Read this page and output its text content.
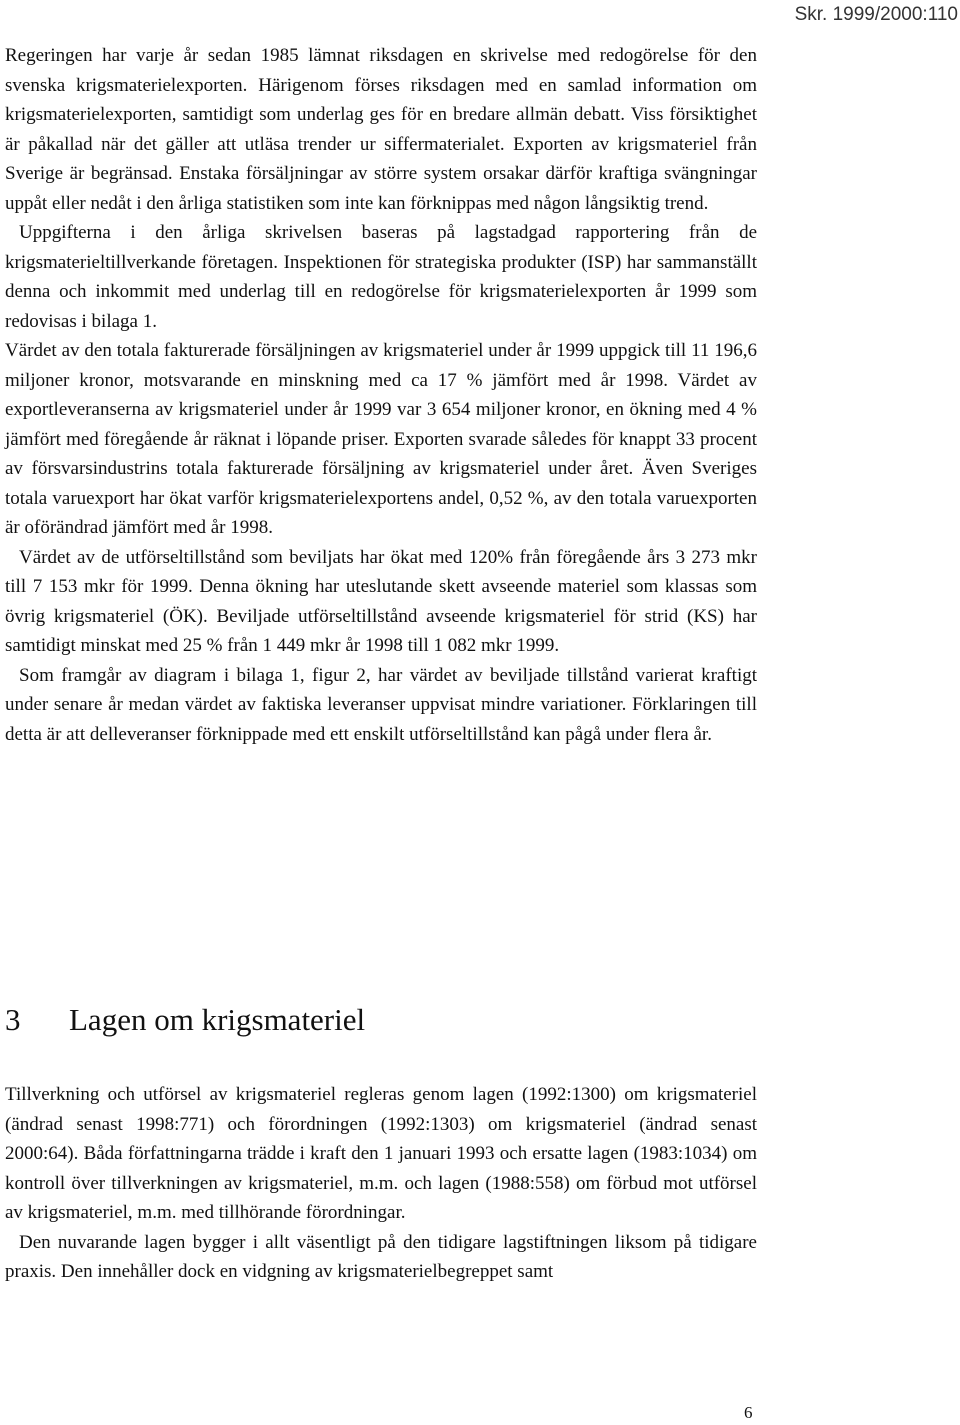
Skr. 1999/2000:110

Regeringen har varje år sedan 1985 lämnat riksdagen en skrivelse med redogörelse för den svenska krigsmaterielexporten. Härigenom förses riksdagen med en samlad information om krigsmaterielexporten, samtidigt som underlag ges för en bredare allmän debatt. Viss försiktighet är påkallad när det gäller att utläsa trender ur siffermaterialet. Exporten av krigsmateriel från Sverige är begränsad. Enstaka försäljningar av större system orsakar därför kraftiga svängningar uppåt eller nedåt i den årliga statistiken som inte kan förknippas med någon långsiktig trend.

Uppgifterna i den årliga skrivelsen baseras på lagstadgad rapportering från de krigsmaterieltillverkande företagen. Inspektionen för strategiska produkter (ISP) har sammanställt denna och inkommit med underlag till en redogörelse för krigsmaterielexporten år 1999 som redovisas i bilaga 1.

Värdet av den totala fakturerade försäljningen av krigsmateriel under år 1999 uppgick till 11 196,6 miljoner kronor, motsvarande en minskning med ca 17 % jämfört med år 1998. Värdet av exportleveranserna av krigsmateriel under år 1999 var 3 654 miljoner kronor, en ökning med 4 % jämfört med föregående år räknat i löpande priser. Exporten svarade således för knappt 33 procent av försvarsindustrins totala fakturerade försäljning av krigsmateriel under året. Även Sveriges totala varuexport har ökat varför krigsmaterielexportens andel, 0,52 %, av den totala varuexporten är oförändrad jämfört med år 1998.

Värdet av de utförseltillstånd som beviljats har ökat med 120% från föregående års 3 273 mkr till 7 153 mkr för 1999. Denna ökning har uteslutande skett avseende materiel som klassas som övrig krigsmateriel (ÖK). Beviljade utförseltillstånd avseende krigsmateriel för strid (KS) har samtidigt minskat med 25 % från 1 449 mkr år 1998 till 1 082 mkr 1999.

Som framgår av diagram i bilaga 1, figur 2, har värdet av beviljade tillstånd varierat kraftigt under senare år medan värdet av faktiska leveranser uppvisat mindre variationer. Förklaringen till detta är att delleveranser förknippade med ett enskilt utförseltillstånd kan pågå under flera år.

3 Lagen om krigsmateriel

Tillverkning och utförsel av krigsmateriel regleras genom lagen (1992:1300) om krigsmateriel (ändrad senast 1998:771) och förordningen (1992:1303) om krigsmateriel (ändrad senast 2000:64). Båda författningarna trädde i kraft den 1 januari 1993 och ersatte lagen (1983:1034) om kontroll över tillverkningen av krigsmateriel, m.m. och lagen (1988:558) om förbud mot utförsel av krigsmateriel, m.m. med tillhörande förordningar.

Den nuvarande lagen bygger i allt väsentligt på den tidigare lagstiftningen liksom på tidigare praxis. Den innehåller dock en vidgning av krigsmaterielbegreppet samt

6
